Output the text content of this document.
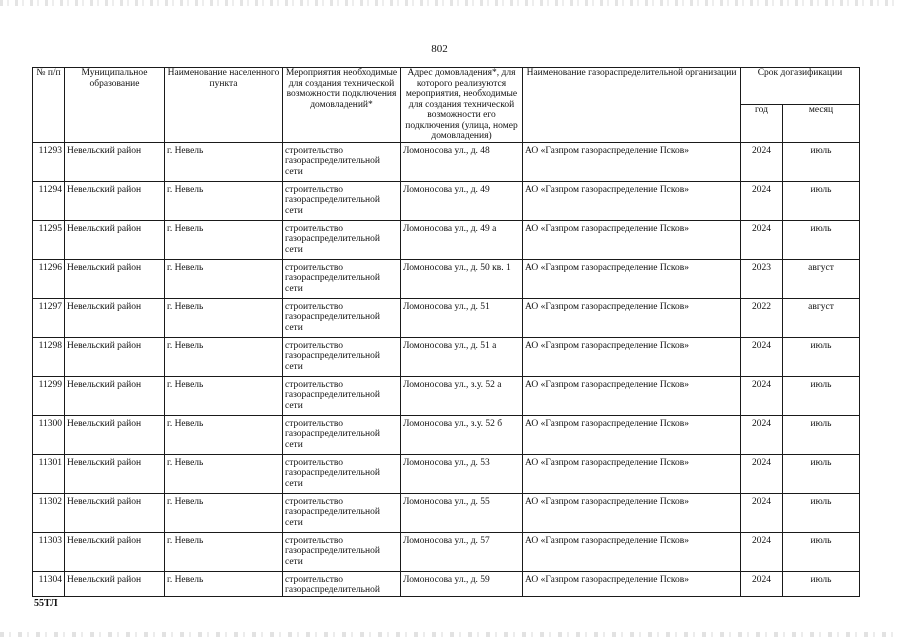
802
№ п/п	Муниципальное образование	Наименование населенного пункта	Мероприятия необходимые для создания технической возможности подключения домовладений*	Адрес домовладения*, для которого реализуются мероприятия, необходимые для создания технической возможности его подключения (улица, номер домовладения)	Наименование газораспределительной организации	Срок догазификации	
						год	месяц
11293	Невельский район	г. Невель	строительство газораспределительной сети	Ломоносова ул., д. 48	АО «Газпром газораспределение Псков»	2024	июль
11294	Невельский район	г. Невель	строительство газораспределительной сети	Ломоносова ул., д. 49	АО «Газпром газораспределение Псков»	2024	июль
11295	Невельский район	г. Невель	строительство газораспределительной сети	Ломоносова ул., д. 49 а	АО «Газпром газораспределение Псков»	2024	июль
11296	Невельский район	г. Невель	строительство газораспределительной сети	Ломоносова ул., д. 50 кв. 1	АО «Газпром газораспределение Псков»	2023	август
11297	Невельский район	г. Невель	строительство газораспределительной сети	Ломоносова ул., д. 51	АО «Газпром газораспределение Псков»	2022	август
11298	Невельский район	г. Невель	строительство газораспределительной сети	Ломоносова ул., д. 51 а	АО «Газпром газораспределение Псков»	2024	июль
11299	Невельский район	г. Невель	строительство газораспределительной сети	Ломоносова ул., з.у. 52 а	АО «Газпром газораспределение Псков»	2024	июль
11300	Невельский район	г. Невель	строительство газораспределительной сети	Ломоносова ул., з.у. 52 б	АО «Газпром газораспределение Псков»	2024	июль
11301	Невельский район	г. Невель	строительство газораспределительной сети	Ломоносова ул., д. 53	АО «Газпром газораспределение Псков»	2024	июль
11302	Невельский район	г. Невель	строительство газораспределительной сети	Ломоносова ул., д. 55	АО «Газпром газораспределение Псков»	2024	июль
11303	Невельский район	г. Невель	строительство газораспределительной сети	Ломоносова ул., д. 57	АО «Газпром газораспределение Псков»	2024	июль
11304	Невельский район	г. Невель	строительство газораспределительной	Ломоносова ул., д. 59	АО «Газпром газораспределение Псков»	2024	июль
55ТЛ
